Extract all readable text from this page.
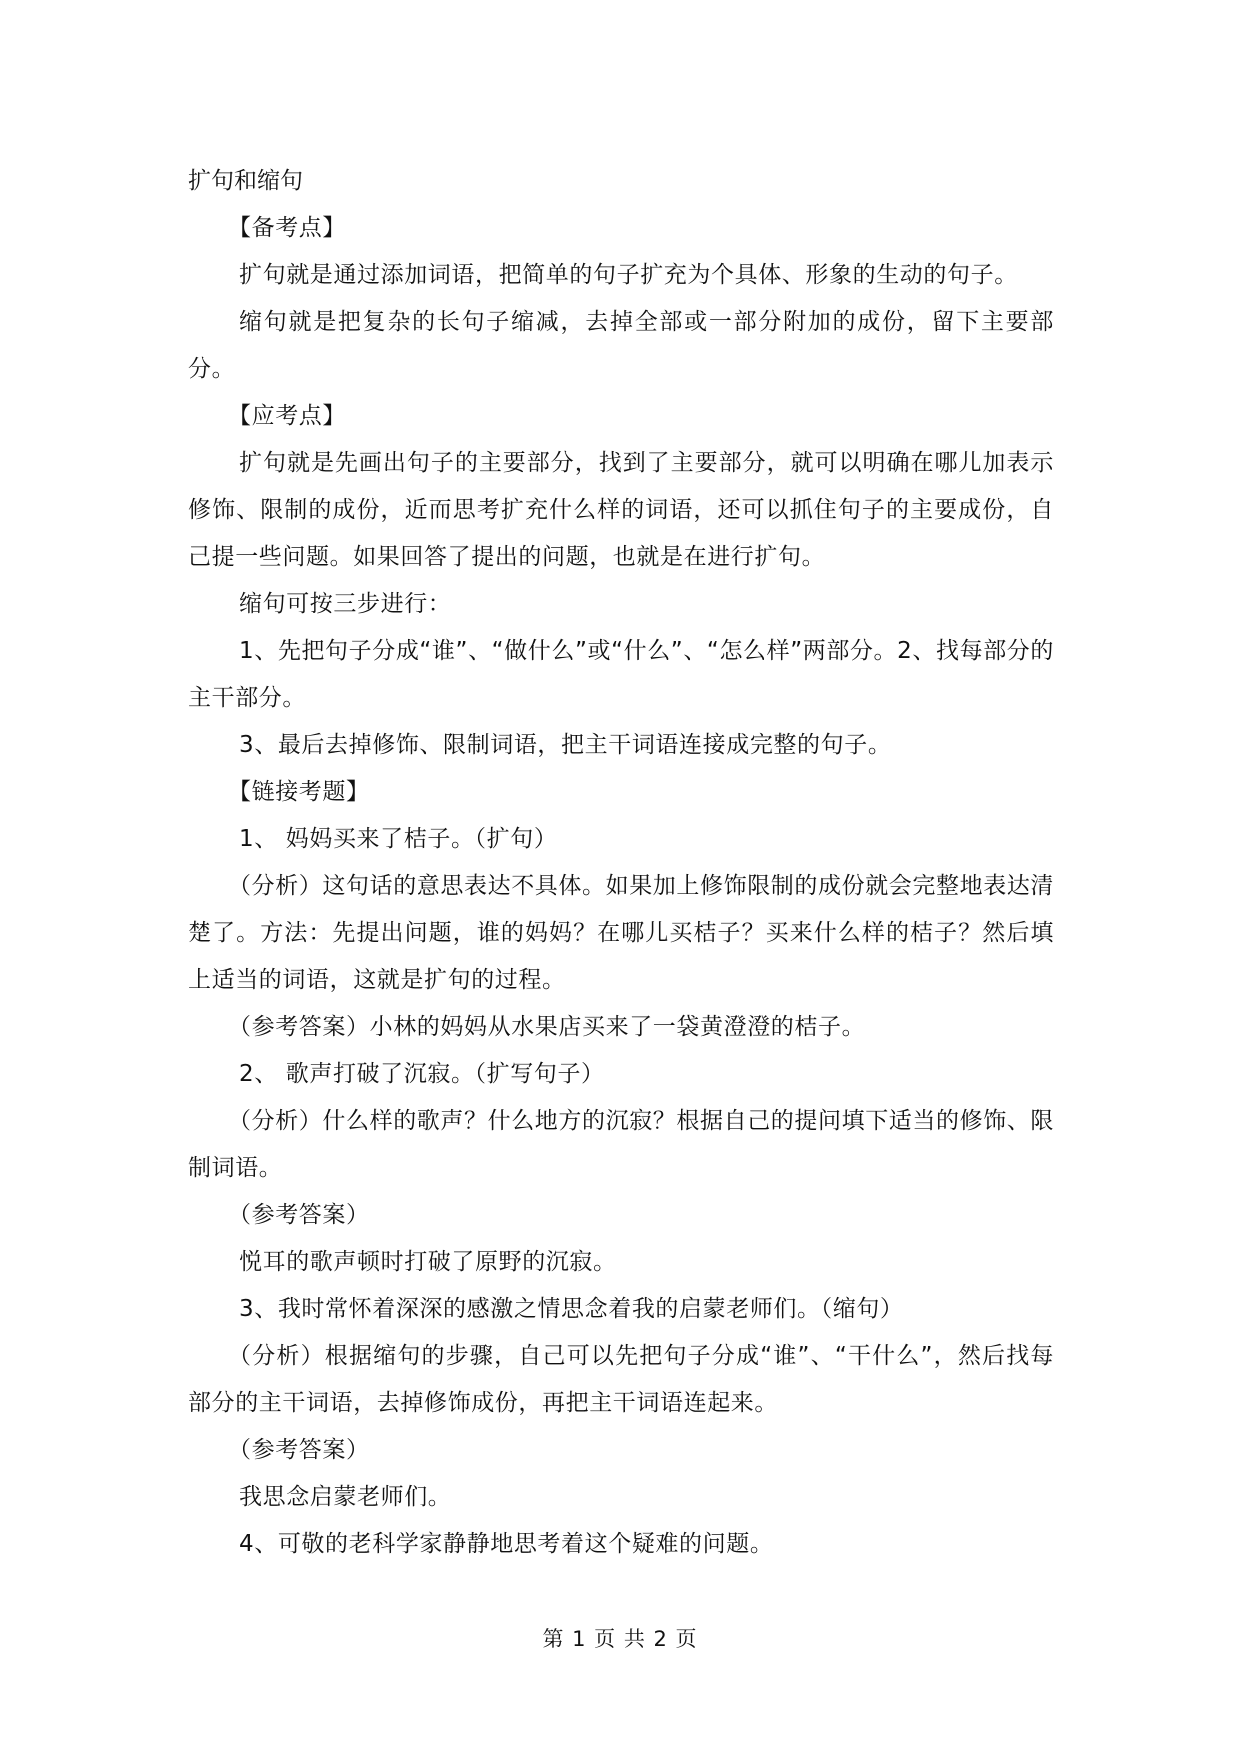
扩句和缩句

【备考点】

扩句就是通过添加词语，把简单的句子扩充为个具体、形象的生动的句子。

缩句就是把复杂的长句子缩减，去掉全部或一部分附加的成份，留下主要部分。

【应考点】

扩句就是先画出句子的主要部分，找到了主要部分，就可以明确在哪儿加表示修饰、限制的成份，近而思考扩充什么样的词语，还可以抓住句子的主要成份，自己提一些问题。如果回答了提出的问题，也就是在进行扩句。

缩句可按三步进行：

1、先把句子分成“谁”、“做什么”或“什么”、“怎么样”两部分。2、找每部分的主干部分。

3、最后去掉修饰、限制词语，把主干词语连接成完整的句子。

【链接考题】

1、 妈妈买来了桔子。（扩句）

（分析）这句话的意思表达不具体。如果加上修饰限制的成份就会完整地表达清楚了。方法：先提出问题，谁的妈妈？在哪儿买桔子？买来什么样的桔子？然后填上适当的词语，这就是扩句的过程。

（参考答案）小林的妈妈从水果店买来了一袋黄澄澄的桔子。

2、 歌声打破了沉寂。（扩写句子）

（分析）什么样的歌声？什么地方的沉寂？根据自己的提问填下适当的修饰、限制词语。

（参考答案）

悦耳的歌声顿时打破了原野的沉寂。

3、我时常怀着深深的感激之情思念着我的启蒙老师们。（缩句）

（分析）根据缩句的步骤，自己可以先把句子分成“谁”、“干什么”，然后找每部分的主干词语，去掉修饰成份，再把主干词语连起来。

（参考答案）

我思念启蒙老师们。

4、可敬的老科学家静静地思考着这个疑难的问题。

第 1 页 共 2 页
